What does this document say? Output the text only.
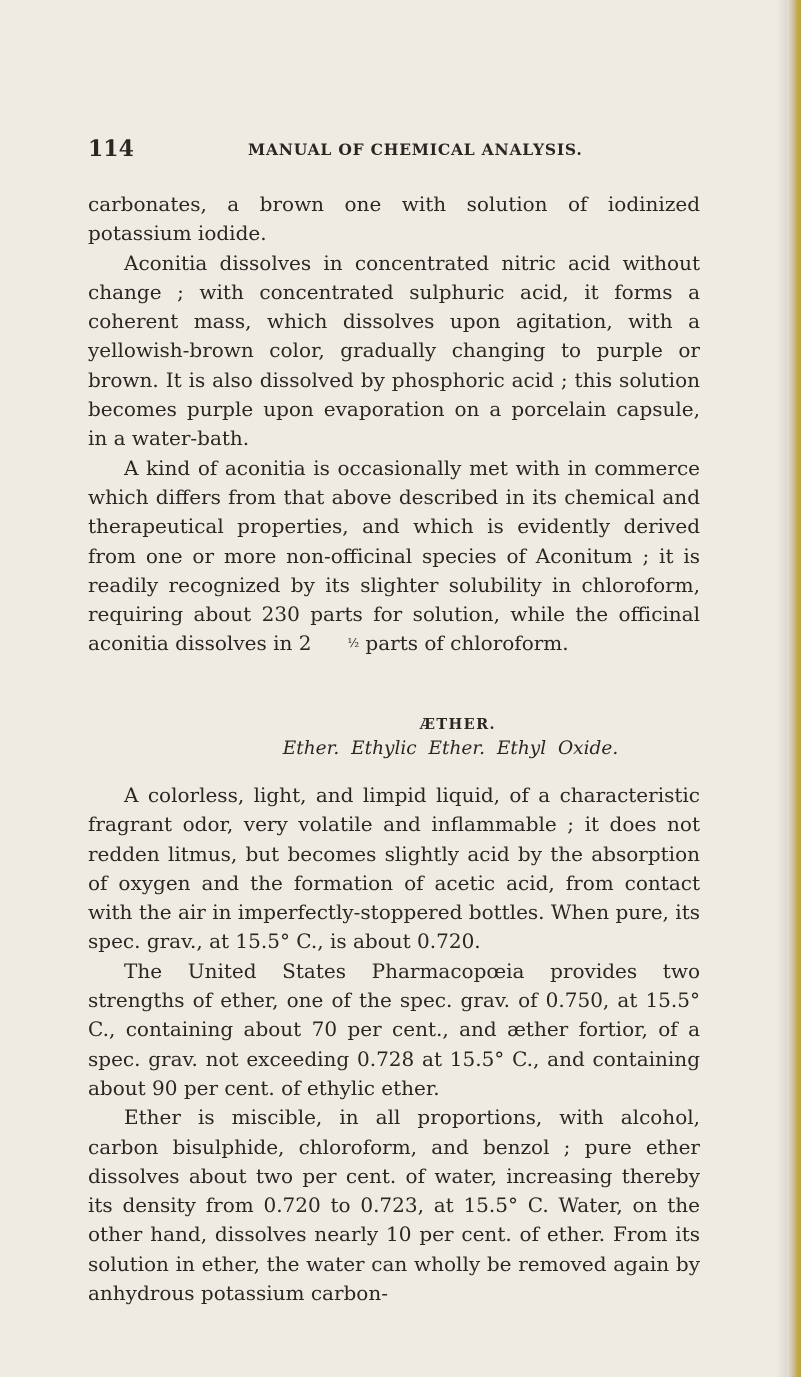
114	MANUAL OF CHEMICAL ANALYSIS.

carbonates, a brown one with solution of iodinized potassium iodide.

Aconitia dissolves in concentrated nitric acid without change ; with concentrated sulphuric acid, it forms a coherent mass, which dissolves upon agitation, with a yellowish-brown color, gradually changing to purple or brown. It is also dissolved by phosphoric acid ; this solution becomes purple upon evaporation on a porcelain capsule, in a water-bath.

A kind of aconitia is occasionally met with in commerce which differs from that above described in its chemical and therapeutical properties, and which is evidently derived from one or more non-officinal species of Aconitum ; it is readily recognized by its slighter solubility in chloroform, requiring about 230 parts for solution, while the officinal aconitia dissolves in 2	½ parts of chloroform.

ÆTHER.
Ether. Ethylic Ether. Ethyl Oxide.

A colorless, light, and limpid liquid, of a characteristic fragrant odor, very volatile and inflammable ; it does not redden litmus, but becomes slightly acid by the absorption of oxygen and the formation of acetic acid, from contact with the air in imperfectly-stoppered bottles. When pure, its spec. grav., at 15.5° C., is about 0.720.

The United States Pharmacopœia provides two strengths of ether, one of the spec. grav. of 0.750, at 15.5° C., containing about 70 per cent., and æther fortior, of a spec. grav. not exceeding 0.728 at 15.5° C., and containing about 90 per cent. of ethylic ether.

Ether is miscible, in all proportions, with alcohol, carbon bisulphide, chloroform, and benzol ; pure ether dissolves about two per cent. of water, increasing thereby its density from 0.720 to 0.723, at 15.5° C. Water, on the other hand, dissolves nearly 10 per cent. of ether. From its solution in ether, the water can wholly be removed again by anhydrous potassium carbon-
